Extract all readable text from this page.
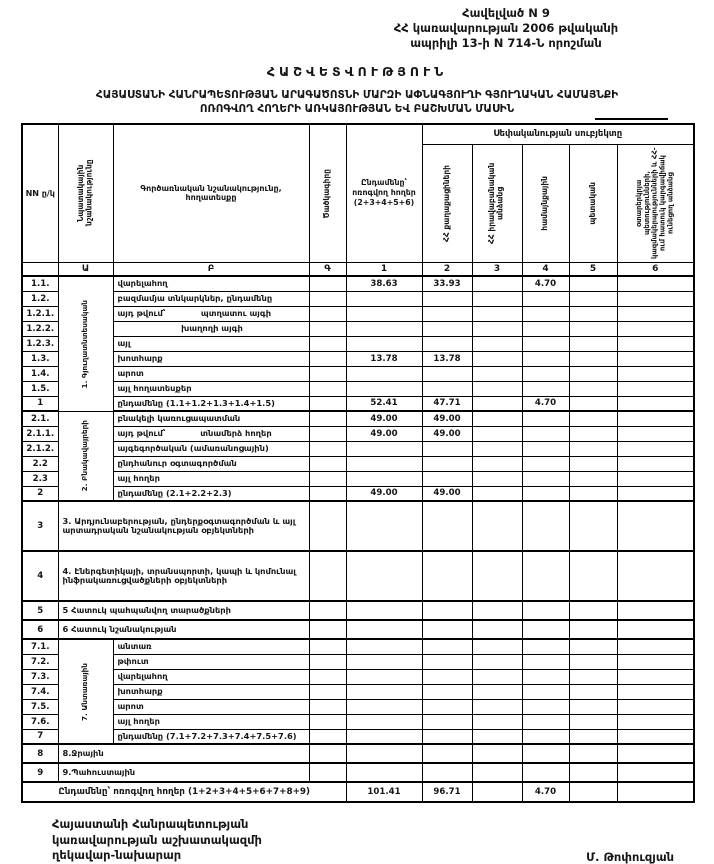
Հավելված N 9
ՀՀ կառավարության 2006 թվականի
ապրիլի 13-ի N 714-Ն որոշման
ՀԱՇՎԵՏՎՈՒԹՅՈՒՆ
ՀԱՅԱՍՏԱՆԻ ՀԱՆՐԱՊԵՏՈՒԹՅԱՆ ԱՐԱԳԱԾՈՏՆԻ ՄԱՐԶԻ ԱՓՆԱԳՅՈՒՂԻ ԳՅՈՒՂԱԿԱՆ ՀԱՄԱՅՆՔԻ
ՈՌՈԳՎՈՂ ՀՈՂԵՐԻ ԱՌԿԱՅՈՒԹՅԱՆ ԵՎ ԲԱՇԽՄԱՆ ՄԱՍԻՆ
NN ը/կ	Նպատակային նշանակությունը	Գործառնական նշանակությունը, հողատեսքը	Ծածկագիրը	Ընդամենը՝ ոռոգվող հողեր (2+3+4+5+6)	Սեփականության սուբյեկտը				

					ՀՀ քաղաքացիների	ՀՀ իրավաբանական անձանց	համայնքային	պետական	օտարերկրյա պետությունների, կազմակերպությունների և ՀՀ-ում հատուկ կարգավիճակ ունեցող անձանց

	Ա	Բ	Գ	1	2	3	4	5	6
1.1.	1. Գյուղատնտեսական	վարելահող		38.63	33.93		4.70		
1.2.		բազմամյա տնկարկներ, ընդամենը							
1.2.1.		այդ թվում՝ պտղատու այգի							

1.2.2.		խաղողի այգի							

1.2.3.		այլ							
1.3.		խոտհարք		13.78	13.78				
1.4.		արոտ							
1.5.		այլ հողատեսքեր							
1		ընդամենը (1.1+1.2+1.3+1.4+1.5)		52.41	47.71		4.70		
2.1.	2. Բնակավայրերի	բնակելի կառուցապատման		49.00	49.00				
2.1.1.		այդ թվում՝ տնամերձ հողեր		49.00	49.00				
2.1.2.		այգեգործական (ամառանոցային)							
2.2		ընդհանուր օգտագործման							
2.3		այլ հողեր							
2		ընդամենը (2.1+2.2+2.3)		49.00	49.00				
3	3. Արդյունաբերության, ընդերքօգտագործման և այլ արտադրական նշանակության օբյեկտների								
4	4. Էներգետիկայի, տրանսպորտի, կապի և կոմունալ ինֆրակառուցվածքների օբյեկտների								
5	5 Հատուկ պահպանվող տարածքների								
6	6 Հատուկ նշանակության								
7.1.	7. Անտառային	անտառ							
7.2.		թփուտ							
7.3.		վարելահող							
7.4.		խոտհարք							
7.5.		արոտ							
7.6.		այլ հողեր							
7		ընդամենը (7.1+7.2+7.3+7.4+7.5+7.6)							
8	8.Ջրային								
9	9.Պահուստային								
Ընդամենը՝ ոռոգվող հողեր (1+2+3+4+5+6+7+8+9)				101.41	96.71		4.70		
Հայաստանի Հանրապետության
կառավարության աշխատակազմի
ղեկավար-նախարար	Մ. Թոփուզյան
